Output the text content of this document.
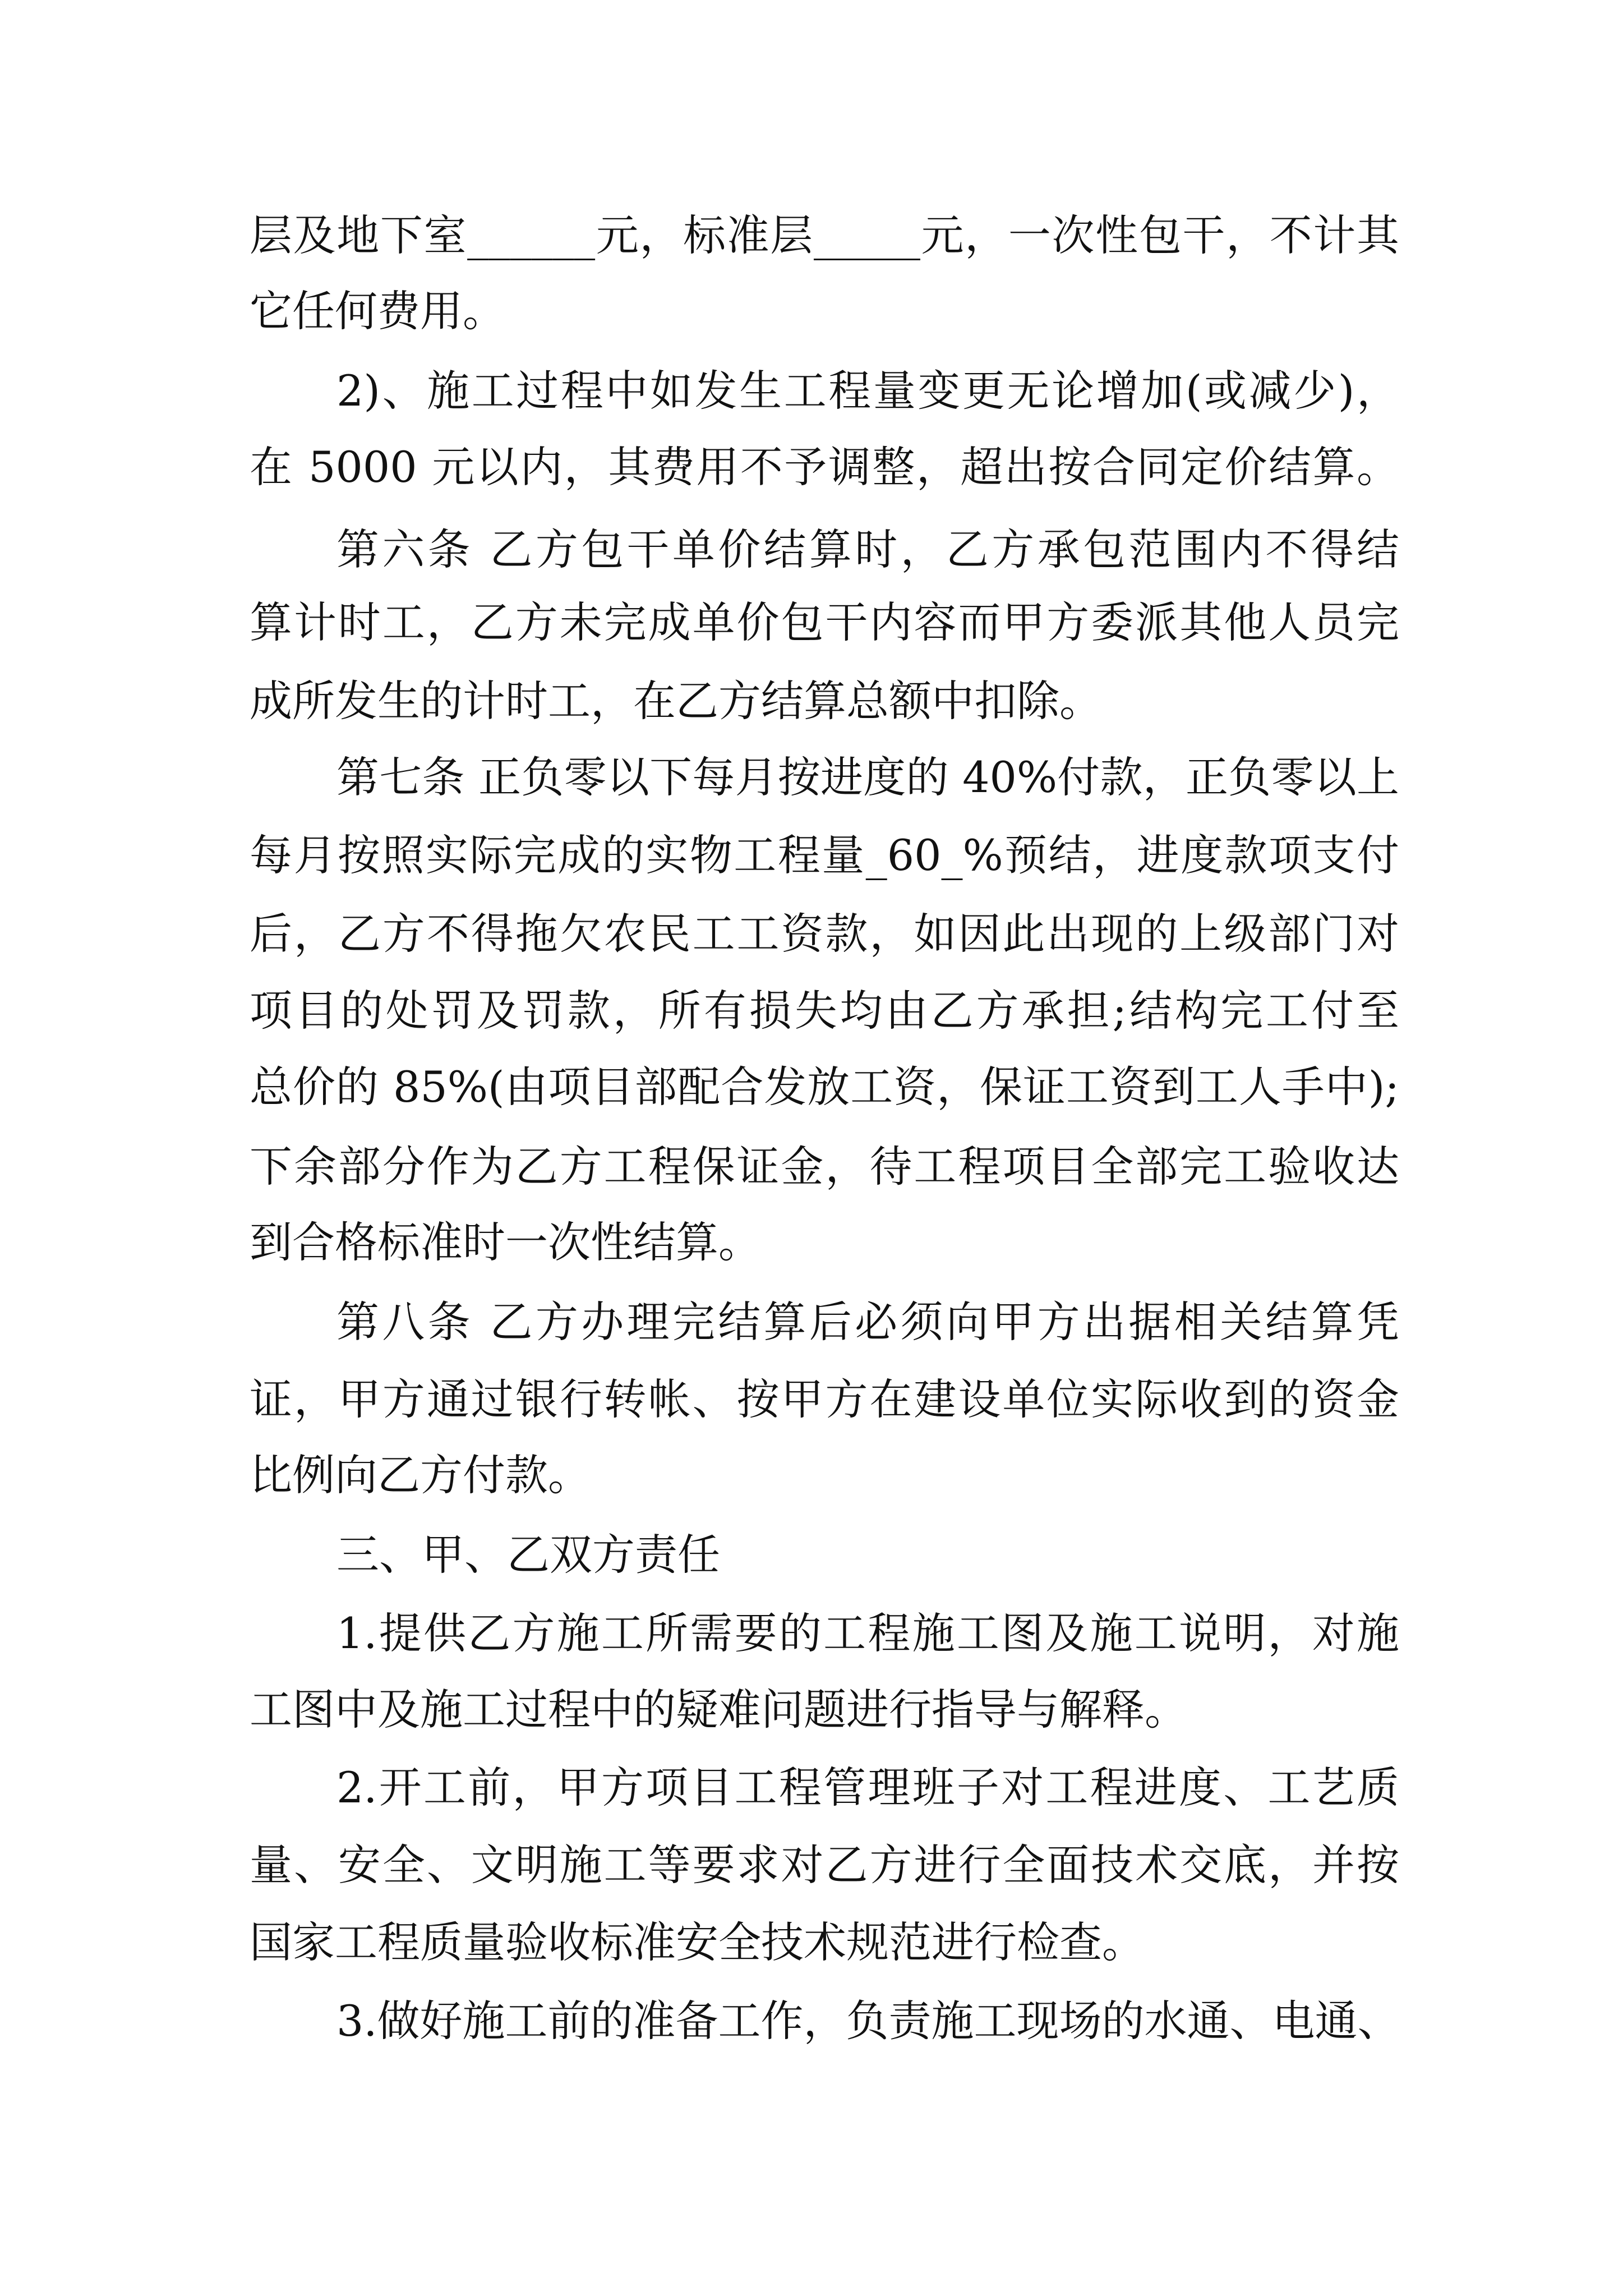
层及地下室______元，标准层_____元，一次性包干，不计其
它任何费用。
2)、施工过程中如发生工程量变更无论增加(或减少)，
在 5000 元以内，其费用不予调整，超出按合同定价结算。
第六条 乙方包干单价结算时，乙方承包范围内不得结
算计时工，乙方未完成单价包干内容而甲方委派其他人员完
成所发生的计时工，在乙方结算总额中扣除。
第七条 正负零以下每月按进度的 40%付款，正负零以上
每月按照实际完成的实物工程量_60_%预结，进度款项支付
后，乙方不得拖欠农民工工资款，如因此出现的上级部门对
项目的处罚及罚款，所有损失均由乙方承担;结构完工付至
总价的 85%(由项目部配合发放工资，保证工资到工人手中);
下余部分作为乙方工程保证金，待工程项目全部完工验收达
到合格标准时一次性结算。
第八条 乙方办理完结算后必须向甲方出据相关结算凭
证，甲方通过银行转帐、按甲方在建设单位实际收到的资金
比例向乙方付款。
三、甲、乙双方责任
1.提供乙方施工所需要的工程施工图及施工说明，对施
工图中及施工过程中的疑难问题进行指导与解释。
2.开工前，甲方项目工程管理班子对工程进度、工艺质
量、安全、文明施工等要求对乙方进行全面技术交底，并按
国家工程质量验收标准安全技术规范进行检查。
3.做好施工前的准备工作，负责施工现场的水通、电通、
